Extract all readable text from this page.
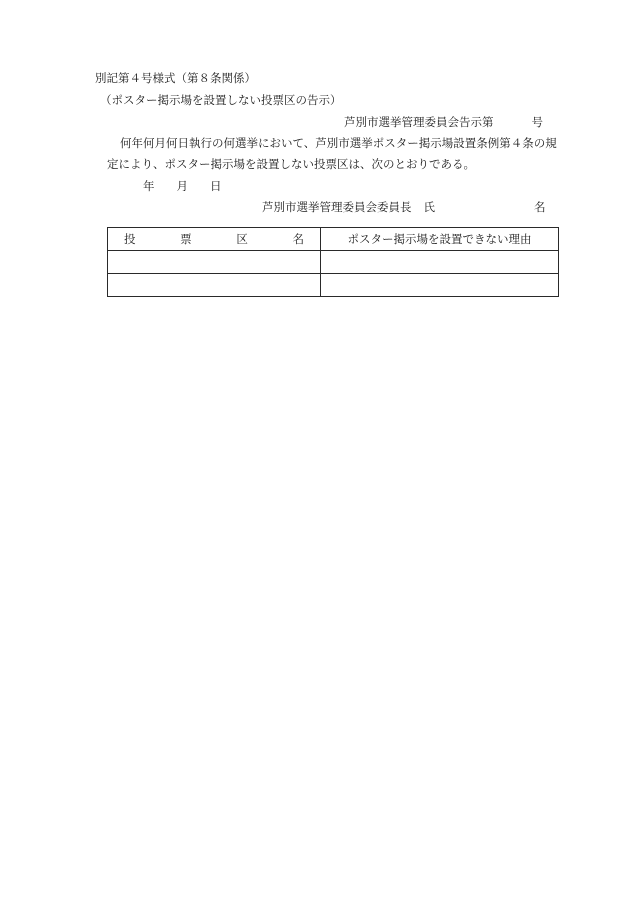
別記第４号様式（第８条関係）
（ポスター掲示場を設置しない投票区の告示）
芦別市選挙管理委員会告示第	号
何年何月何日執行の何選挙において、芦別市選挙ポスター掲示場設置条例第４条の規
定により、ポスター掲示場を設置しない投票区は、次のとおりである。
年 月 日
芦別市選挙管理委員会委員長 氏	名
投 票 区 名	ポスター掲示場を設置できない理由
